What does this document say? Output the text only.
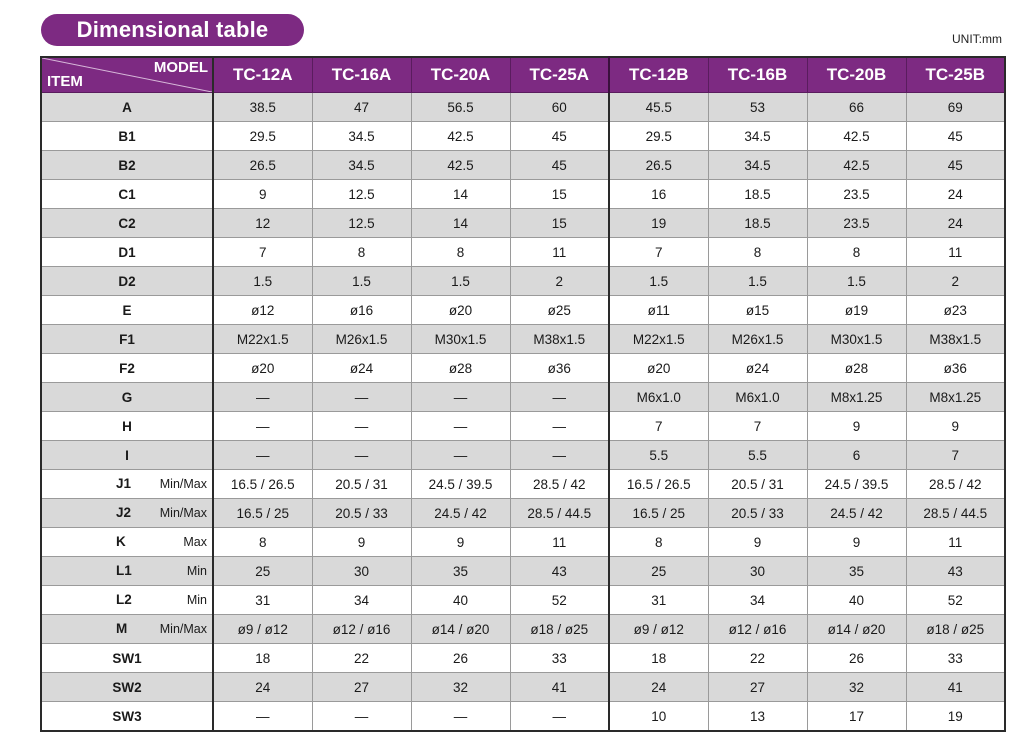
Dimensional table	UNIT:mm
MODEL
ITEM	TC-12A	TC-16A	TC-20A	TC-25A	TC-12B	TC-16B	TC-20B	TC-25B
A	38.5	47	56.5	60	45.5	53	66	69
B1	29.5	34.5	42.5	45	29.5	34.5	42.5	45
B2	26.5	34.5	42.5	45	26.5	34.5	42.5	45
C1	9	12.5	14	15	16	18.5	23.5	24
C2	12	12.5	14	15	19	18.5	23.5	24
D1	7	8	8	11	7	8	8	11
D2	1.5	1.5	1.5	2	1.5	1.5	1.5	2
E	ø12	ø16	ø20	ø25	ø11	ø15	ø19	ø23
F1	M22x1.5	M26x1.5	M30x1.5	M38x1.5	M22x1.5	M26x1.5	M30x1.5	M38x1.5
F2	ø20	ø24	ø28	ø36	ø20	ø24	ø28	ø36
G	—	—	—	—	M6x1.0	M6x1.0	M8x1.25	M8x1.25
H	—	—	—	—	7	7	9	9
I	—	—	—	—	5.5	5.5	6	7

J1 Min/Max	16.5 / 26.5	20.5 / 31	24.5 / 39.5	28.5 / 42	16.5 / 26.5	20.5 / 31	24.5 / 39.5	28.5 / 42

J2 Min/Max	16.5 / 25	20.5 / 33	24.5 / 42	28.5 / 44.5	16.5 / 25	20.5 / 33	24.5 / 42	28.5 / 44.5

K Max	8	9	9	11	8	9	9	11

L1 Min	25	30	35	43	25	30	35	43

L2 Min	31	34	40	52	31	34	40	52

M Min/Max	ø9 / ø12	ø12 / ø16	ø14 / ø20	ø18 / ø25	ø9 / ø12	ø12 / ø16	ø14 / ø20	ø18 / ø25
SW1	18	22	26	33	18	22	26	33
SW2	24	27	32	41	24	27	32	41
SW3	—	—	—	—	10	13	17	19
